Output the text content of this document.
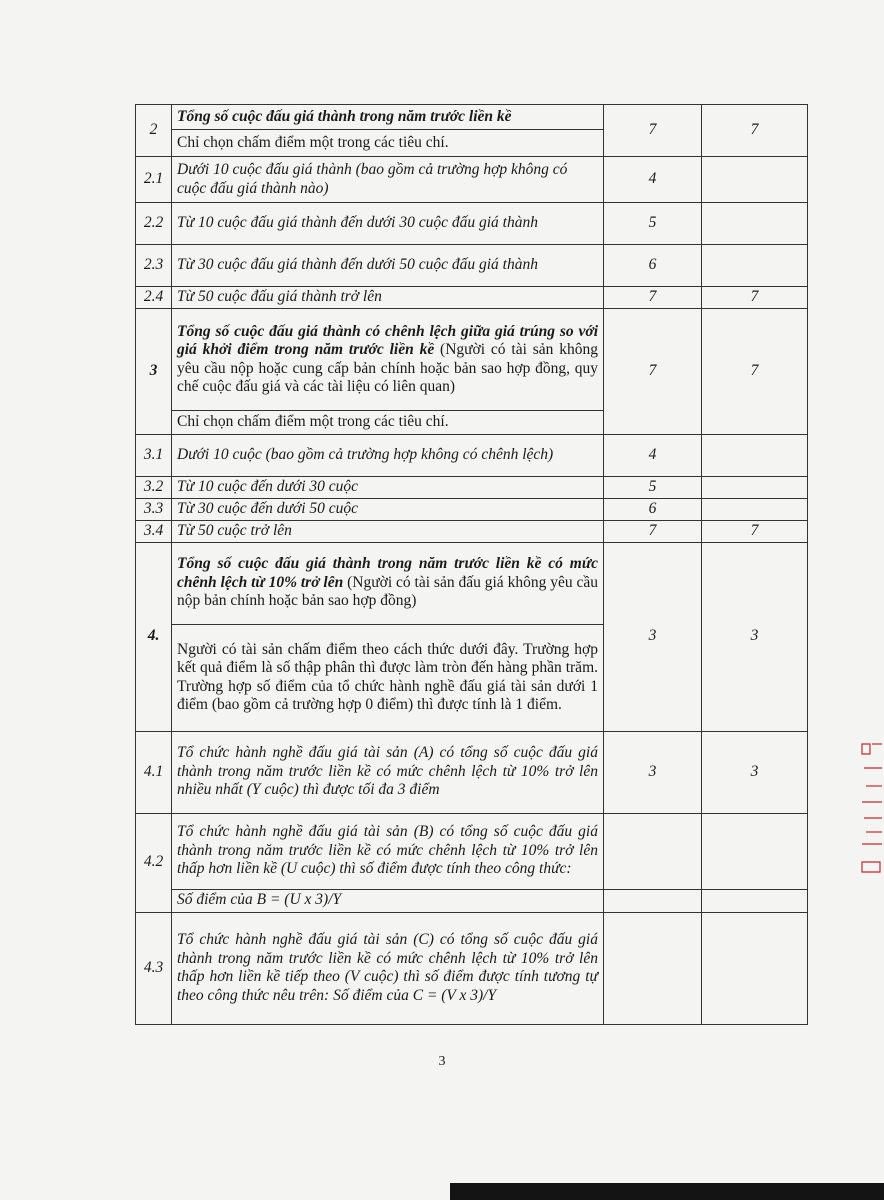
2	Tổng số cuộc đấu giá thành trong năm trước liền kề	7	7
	Chỉ chọn chấm điểm một trong các tiêu chí.		
2.1	Dưới 10 cuộc đấu giá thành (bao gồm cả trường hợp không có cuộc đấu giá thành nào)	4	
2.2	Từ 10 cuộc đấu giá thành đến dưới 30 cuộc đấu giá thành	5	
2.3	Từ 30 cuộc đấu giá thành đến dưới 50 cuộc đấu giá thành	6	
2.4	Từ 50 cuộc đấu giá thành trở lên	7	7
3	Tổng số cuộc đấu giá thành có chênh lệch giữa giá trúng so với giá khởi điểm trong năm trước liền kề (Người có tài sản không yêu cầu nộp hoặc cung cấp bản chính hoặc bản sao hợp đồng, quy chế cuộc đấu giá và các tài liệu có liên quan)	7	7
	Chỉ chọn chấm điểm một trong các tiêu chí.		
3.1	Dưới 10 cuộc (bao gồm cả trường hợp không có chênh lệch)	4	
3.2	Từ 10 cuộc đến dưới 30 cuộc	5	
3.3	Từ 30 cuộc đến dưới 50 cuộc	6	
3.4	Từ 50 cuộc trở lên	7	7
4.	Tổng số cuộc đấu giá thành trong năm trước liền kề có mức chênh lệch từ 10% trở lên (Người có tài sản đấu giá không yêu cầu nộp bản chính hoặc bản sao hợp đồng)	3	3
	Người có tài sản chấm điểm theo cách thức dưới đây. Trường hợp kết quả điểm là số thập phân thì được làm tròn đến hàng phần trăm. Trường hợp số điểm của tổ chức hành nghề đấu giá tài sản dưới 1 điểm (bao gồm cả trường hợp 0 điểm) thì được tính là 1 điểm.		
4.1	Tổ chức hành nghề đấu giá tài sản (A) có tổng số cuộc đấu giá thành trong năm trước liền kề có mức chênh lệch từ 10% trở lên nhiều nhất (Y cuộc) thì được tối đa 3 điểm	3	3
4.2	Tổ chức hành nghề đấu giá tài sản (B) có tổng số cuộc đấu giá thành trong năm trước liền kề có mức chênh lệch từ 10% trở lên thấp hơn liền kề (U cuộc) thì số điểm được tính theo công thức:		
	Số điểm của B = (U x 3)/Y		
4.3	Tổ chức hành nghề đấu giá tài sản (C) có tổng số cuộc đấu giá thành trong năm trước liền kề có mức chênh lệch từ 10% trở lên thấp hơn liền kề tiếp theo (V cuộc) thì số điểm được tính tương tự theo công thức nêu trên: Số điểm của C = (V x 3)/Y		
3
